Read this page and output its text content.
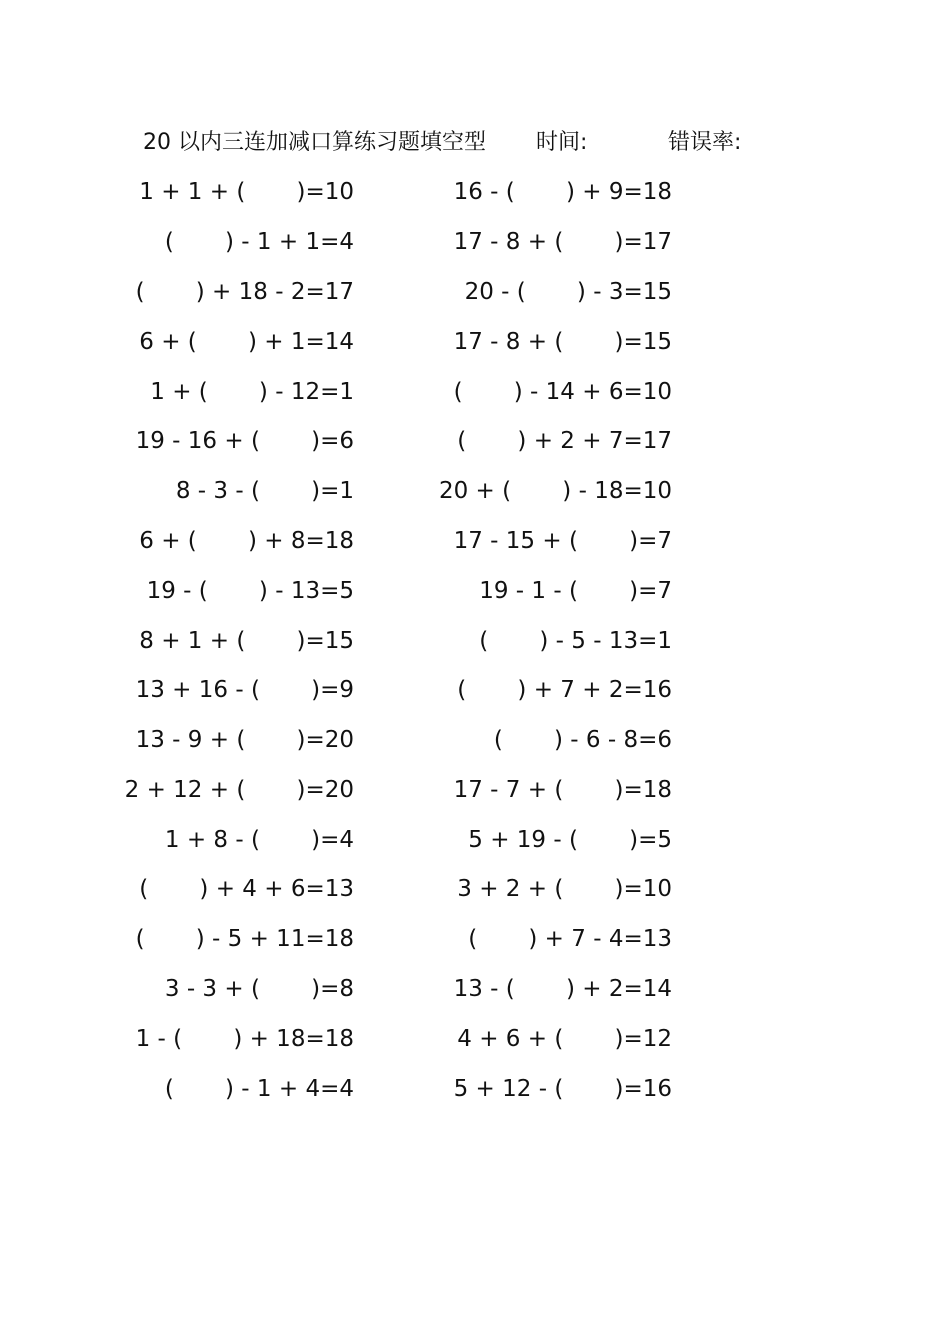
20 以内三连加减口算练习题填空型 时间:	错误率:
1 + 1 + (       )=10
(       ) - 1 + 1=4
(       ) + 18 - 2=17
6 + (       ) + 1=14
1 + (       ) - 12=1
19 - 16 + (       )=6
8 - 3 - (       )=1
6 + (       ) + 8=18
19 - (       ) - 13=5
8 + 1 + (       )=15
13 + 16 - (       )=9
13 - 9 + (       )=20
2 + 12 + (       )=20
1 + 8 - (       )=4
(       ) + 4 + 6=13
(       ) - 5 + 11=18
3 - 3 + (       )=8
1 - (       ) + 18=18
(       ) - 1 + 4=4
16 - (       ) + 9=18
17 - 8 + (       )=17
20 - (       ) - 3=15
17 - 8 + (       )=15
(       ) - 14 + 6=10
(       ) + 2 + 7=17
20 + (       ) - 18=10
17 - 15 + (       )=7
19 - 1 - (       )=7
(       ) - 5 - 13=1
(       ) + 7 + 2=16
(       ) - 6 - 8=6
17 - 7 + (       )=18
5 + 19 - (       )=5
3 + 2 + (       )=10
(       ) + 7 - 4=13
13 - (       ) + 2=14
4 + 6 + (       )=12
5 + 12 - (       )=16
